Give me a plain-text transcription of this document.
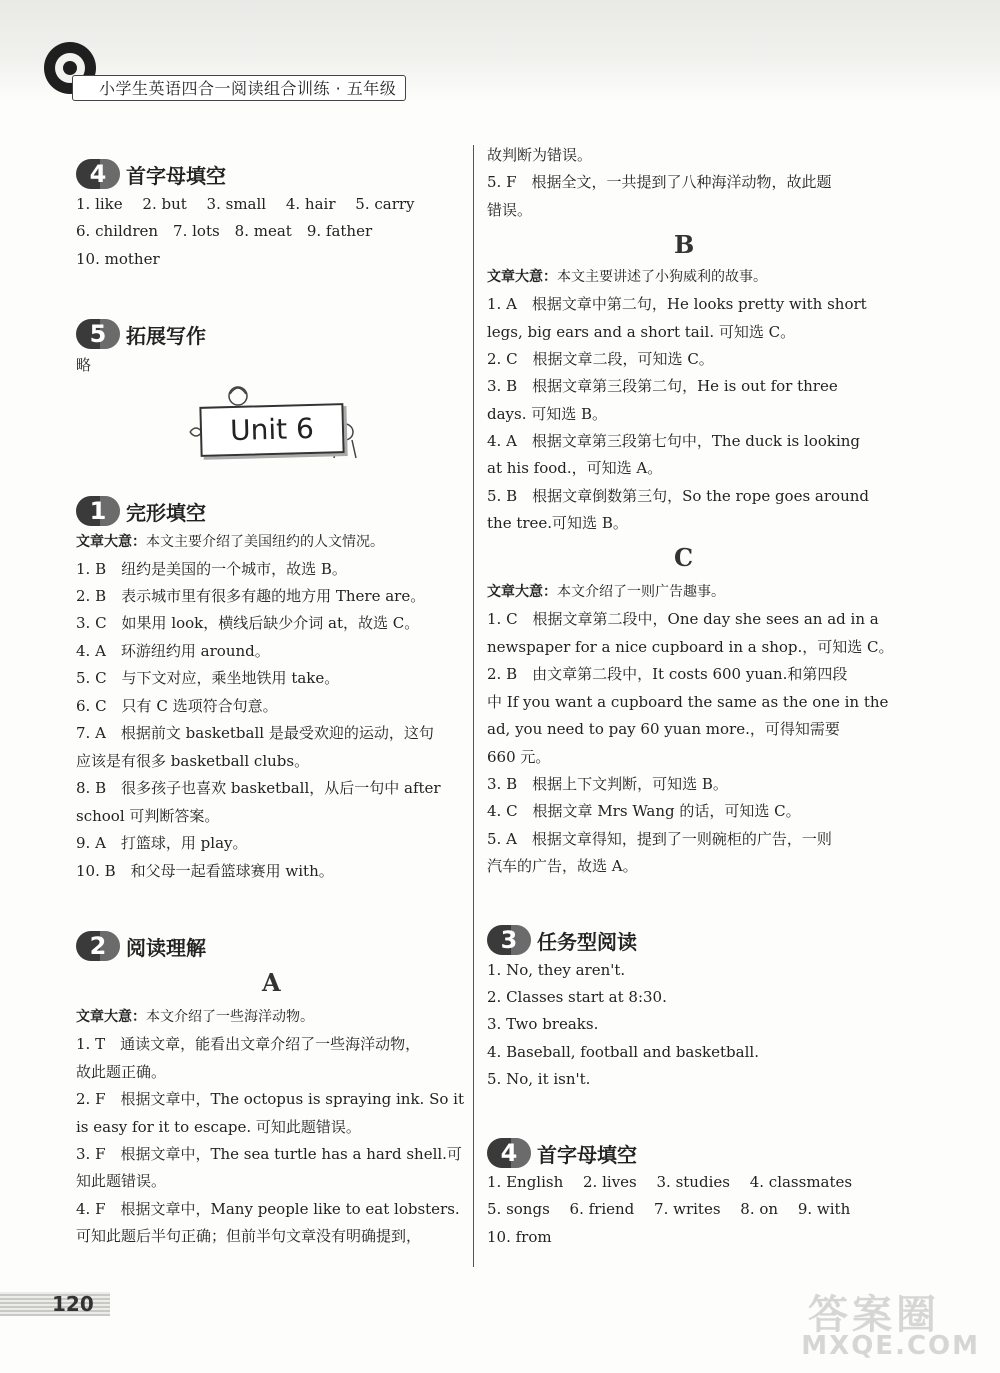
小学生英语四合一阅读组合训练 · 五年级
4 首字母填空
1. like　 2. but　 3. small　 4. hair　 5. carry
6. children　7. lots　8. meat　9. father
10. mother
5 拓展写作
略
Unit 6
1 完形填空
文章大意：本文主要介绍了美国纽约的人文情况。
1. B　纽约是美国的一个城市，故选 B。
2. B　表示城市里有很多有趣的地方用 There are。
3. C　如果用 look，横线后缺少介词 at，故选 C。
4. A　环游纽约用 around。
5. C　与下文对应，乘坐地铁用 take。
6. C　只有 C 选项符合句意。
7. A　根据前文 basketball 是最受欢迎的运动，这句
应该是有很多 basketball clubs。
8. B　很多孩子也喜欢 basketball，从后一句中 after
school 可判断答案。
9. A　打篮球，用 play。
10. B　和父母一起看篮球赛用 with。
2 阅读理解
A
文章大意：本文介绍了一些海洋动物。
1. T　通读文章，能看出文章介绍了一些海洋动物，
故此题正确。
2. F　根据文章中，The octopus is spraying ink. So it
is easy for it to escape. 可知此题错误。
3. F　根据文章中，The sea turtle has a hard shell.可
知此题错误。
4. F　根据文章中，Many people like to eat lobsters.
可知此题后半句正确；但前半句文章没有明确提到，
故判断为错误。
5. F　根据全文，一共提到了八种海洋动物，故此题
错误。
B
文章大意：本文主要讲述了小狗威利的故事。
1. A　根据文章中第二句，He looks pretty with short
legs, big ears and a short tail. 可知选 C。
2. C　根据文章二段，可知选 C。
3. B　根据文章第三段第二句，He is out for three
days. 可知选 B。
4. A　根据文章第三段第七句中，The duck is looking
at his food.，可知选 A。
5. B　根据文章倒数第三句，So the rope goes around
the tree.可知选 B。
C
文章大意：本文介绍了一则广告趣事。
1. C　根据文章第二段中，One day she sees an ad in a
newspaper for a nice cupboard in a shop.，可知选 C。
2. B　由文章第二段中，It costs 600 yuan.和第四段
中 If you want a cupboard the same as the one in the
ad, you need to pay 60 yuan more.，可得知需要
660 元。
3. B　根据上下文判断，可知选 B。
4. C　根据文章 Mrs Wang 的话，可知选 C。
5. A　根据文章得知，提到了一则碗柜的广告，一则
汽车的广告，故选 A。
3 任务型阅读
1. No, they aren't.
2. Classes start at 8:30.
3. Two breaks.
4. Baseball, football and basketball.
5. No, it isn't.
4 首字母填空
1. English　 2. lives　 3. studies　 4. classmates
5. songs　 6. friend　 7. writes　 8. on　 9. with
10. from
120	答案圈
MXQE.COM
